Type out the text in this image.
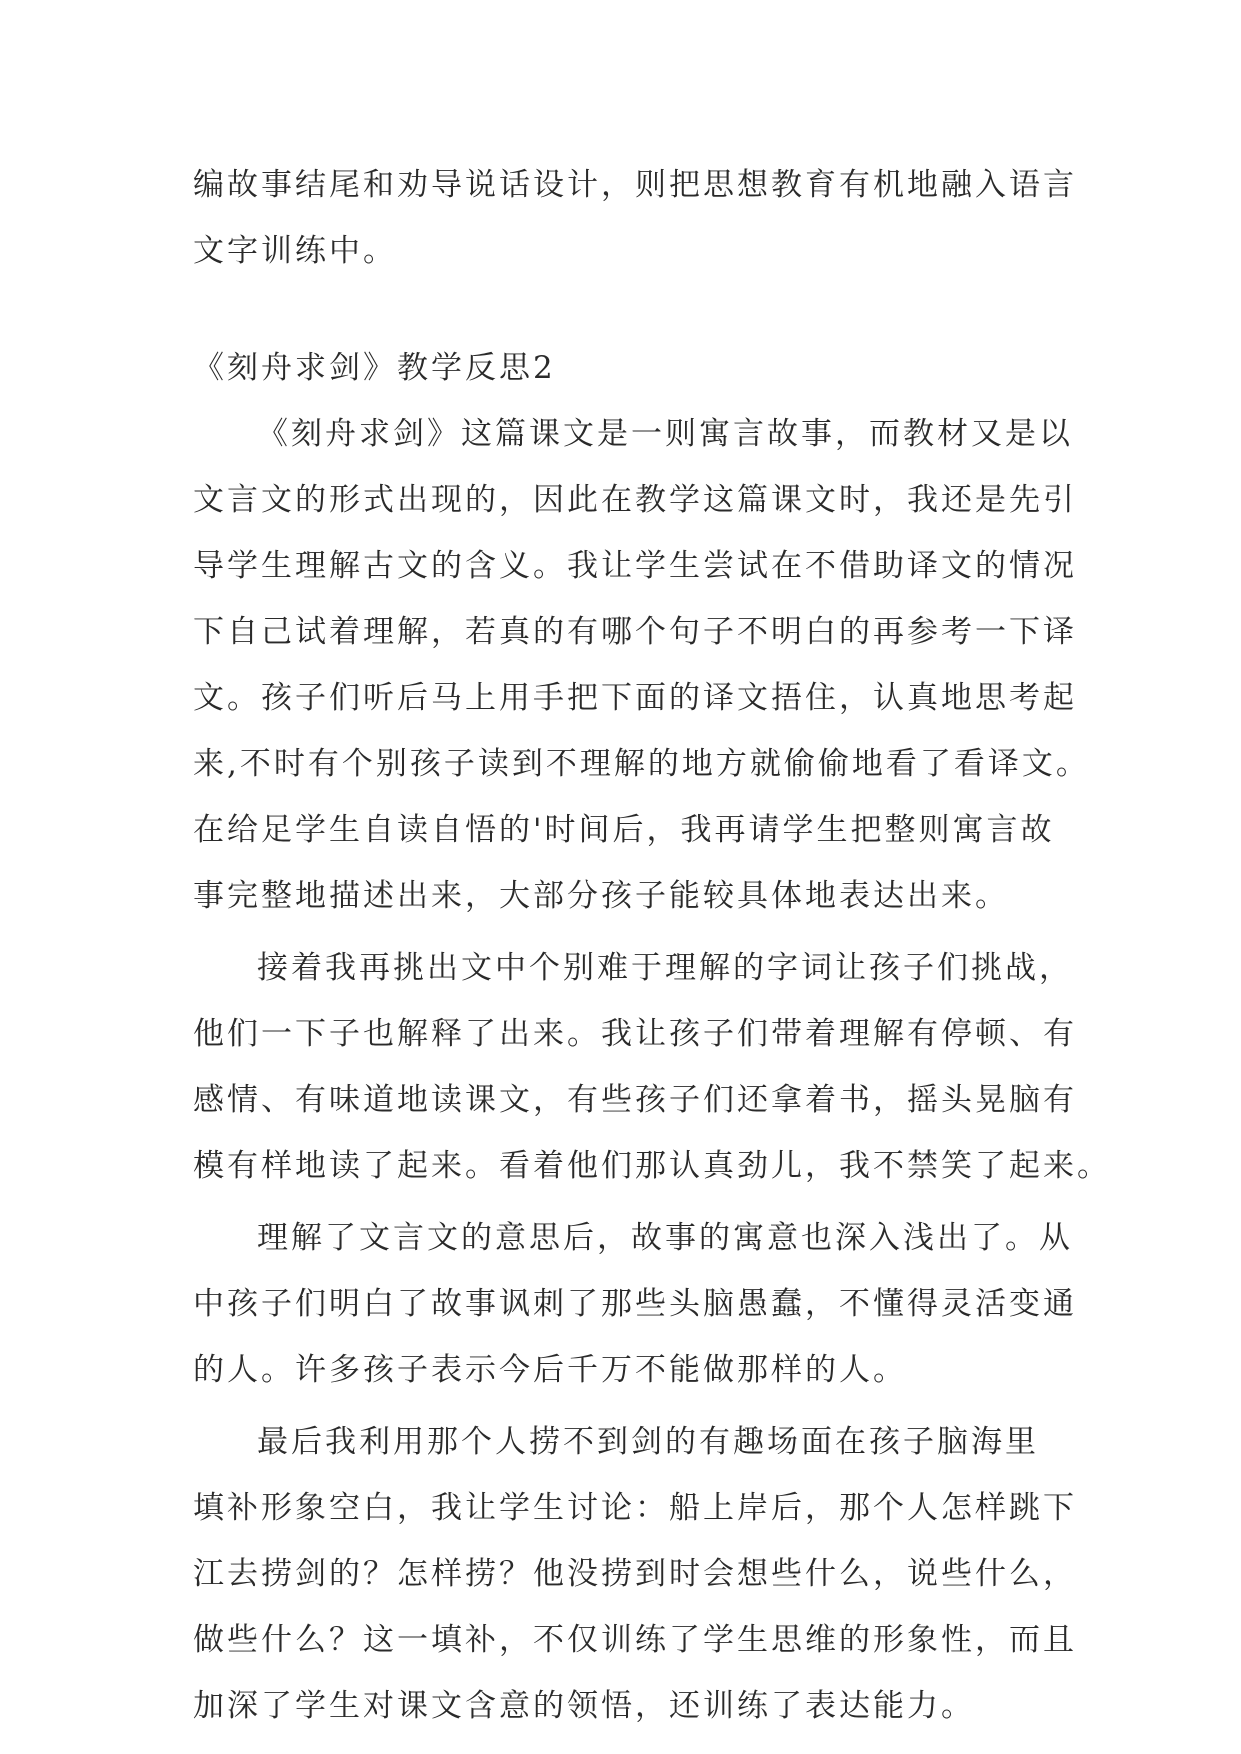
编故事结尾和劝导说话设计，则把思想教育有机地融入语言
文字训练中。
《刻舟求剑》教学反思2
《刻舟求剑》这篇课文是一则寓言故事，而教材又是以
文言文的形式出现的，因此在教学这篇课文时，我还是先引
导学生理解古文的含义。我让学生尝试在不借助译文的情况
下自己试着理解，若真的有哪个句子不明白的再参考一下译
文。孩子们听后马上用手把下面的译文捂住，认真地思考起
来,不时有个别孩子读到不理解的地方就偷偷地看了看译文。
在给足学生自读自悟的'时间后，我再请学生把整则寓言故
事完整地描述出来，大部分孩子能较具体地表达出来。
接着我再挑出文中个别难于理解的字词让孩子们挑战，
他们一下子也解释了出来。我让孩子们带着理解有停顿、有
感情、有味道地读课文，有些孩子们还拿着书，摇头晃脑有
模有样地读了起来。看着他们那认真劲儿，我不禁笑了起来。
理解了文言文的意思后，故事的寓意也深入浅出了。从
中孩子们明白了故事讽刺了那些头脑愚蠢，不懂得灵活变通
的人。许多孩子表示今后千万不能做那样的人。
最后我利用那个人捞不到剑的有趣场面在孩子脑海里
填补形象空白，我让学生讨论：船上岸后，那个人怎样跳下
江去捞剑的？怎样捞？他没捞到时会想些什么，说些什么，
做些什么？这一填补，不仅训练了学生思维的形象性，而且
加深了学生对课文含意的领悟，还训练了表达能力。
